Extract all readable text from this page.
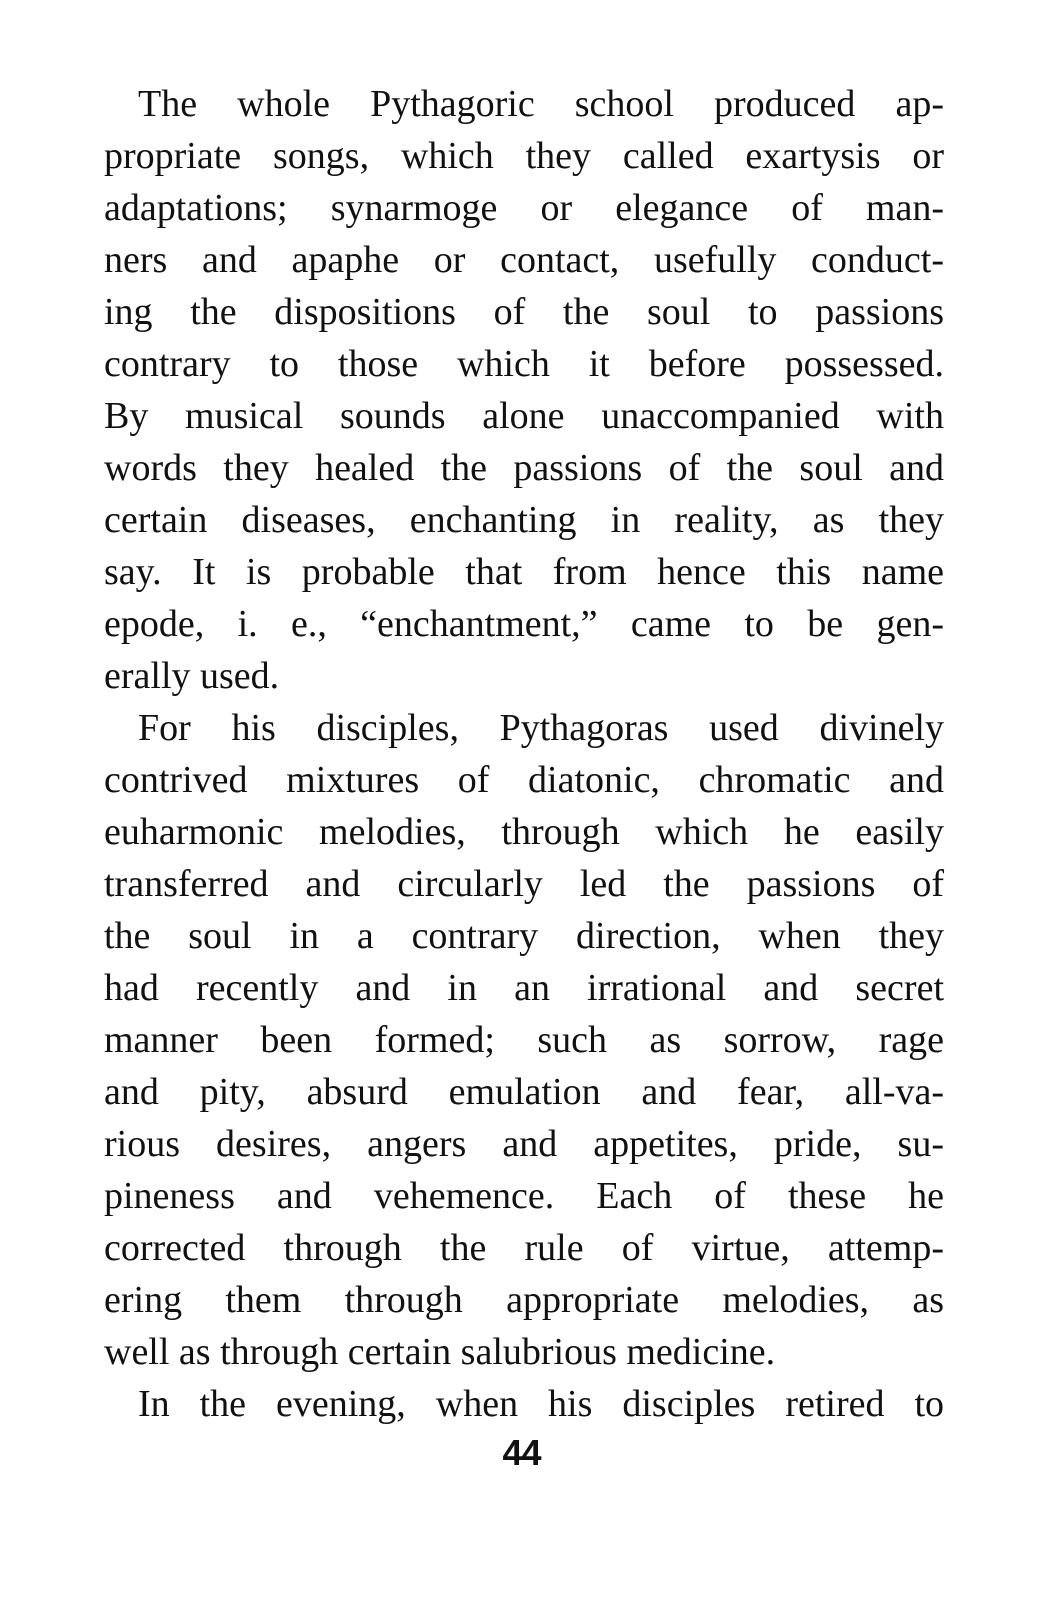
The whole Pythagoric school produced ap‑
propriate songs, which they called exartysis or
adaptations; synarmoge or elegance of man-
ners and apaphe or contact, usefully conduct-
ing the dispositions of the soul to passions
contrary to those which it before possessed.
By musical sounds alone unaccompanied with
words they healed the passions of the soul and
certain diseases, enchanting in reality, as they
say. It is probable that from hence this name
epode, i. e., “enchantment,” came to be gen-
erally used.
For his disciples, Pythagoras used divinely
contrived mixtures of diatonic, chromatic and
euharmonic melodies, through which he easily
transferred and circularly led the passions of
the soul in a contrary direction, when they
had recently and in an irrational and secret
manner been formed; such as sorrow, rage
and pity, absurd emulation and fear, all-va-
rious desires, angers and appetites, pride, su-
pineness and vehemence. Each of these he
corrected through the rule of virtue, attemp-
ering them through appropriate melodies, as
well as through certain salubrious medicine.
In the evening, when his disciples retired to
44
